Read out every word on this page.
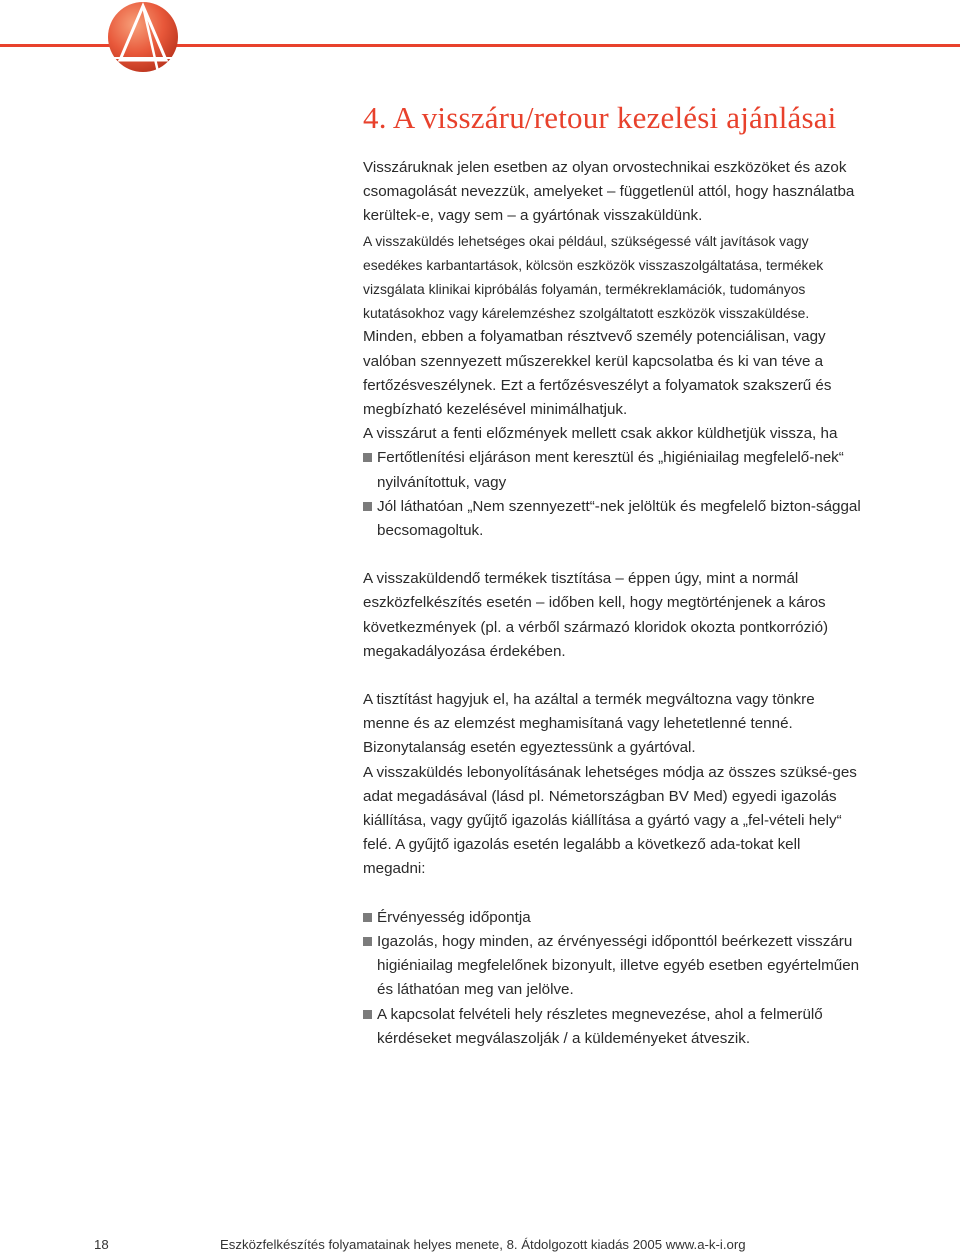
4. A visszáru/retour kezelési ajánlásai

Visszáruknak jelen esetben az olyan orvostechnikai eszközöket és azok csomagolását nevezzük, amelyeket – függetlenül attól, hogy használatba kerültek-e, vagy sem – a gyártónak visszaküldünk.

A visszaküldés lehetséges okai például, szükségessé vált javítások vagy esedékes karbantartások, kölcsön eszközök visszaszolgáltatása, termékek vizsgálata klinikai kipróbálás folyamán, termékreklamációk, tudományos kutatásokhoz vagy kárelemzéshez szolgáltatott eszközök visszaküldése.

Minden, ebben a folyamatban résztvevő személy potenciálisan, vagy valóban szennyezett műszerekkel kerül kapcsolatba és ki van téve a fertőzésveszélynek. Ezt a fertőzésveszélyt a folyamatok szakszerű és megbízható kezelésével minimálhatjuk.

A visszárut a fenti előzmények mellett csak akkor küldhetjük vissza, ha

Fertőtlenítési eljáráson ment keresztül és „higiéniailag megfelelő-nek“ nyilvánítottuk, vagy
Jól láthatóan „Nem szennyezett“-nek jelöltük és megfelelő bizton-sággal becsomagoltuk.

A visszaküldendő termékek tisztítása – éppen úgy, mint a normál eszközfelkészítés esetén – időben kell, hogy megtörténjenek a káros következmények (pl. a vérből származó kloridok okozta pontkorrózió) megakadályozása érdekében.

A tisztítást hagyjuk el, ha azáltal a termék megváltozna vagy tönkre menne és az elemzést meghamisítaná vagy lehetetlenné tenné. Bizonytalanság esetén egyeztessünk a gyártóval.

A visszaküldés lebonyolításának lehetséges módja az összes szüksé-ges adat megadásával (lásd pl. Németországban BV Med) egyedi igazolás kiállítása, vagy gyűjtő igazolás kiállítása a gyártó vagy a „fel-vételi hely“ felé. A gyűjtő igazolás esetén legalább a következő ada-tokat kell megadni:

Érvényesség időpontja
Igazolás, hogy minden, az érvényességi időponttól beérkezett visszáru higiéniailag megfelelőnek bizonyult, illetve egyéb esetben egyértelműen és láthatóan meg van jelölve.
A kapcsolat felvételi hely részletes megnevezése, ahol a felmerülő kérdéseket megválaszolják / a küldeményeket átveszik.
18	Eszközfelkészítés folyamatainak helyes menete, 8. Átdolgozott kiadás 2005 www.a-k-i.org
